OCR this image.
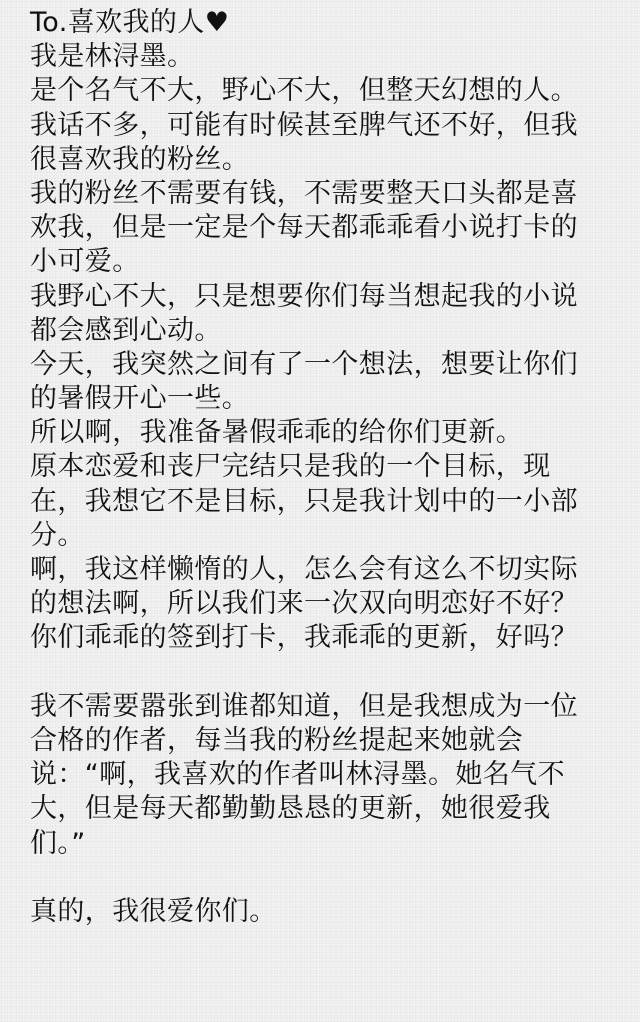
To.喜欢我的人♥
我是林浔墨。
是个名气不大，野心不大，但整天幻想的人。
我话不多，可能有时候甚至脾气还不好，但我
很喜欢我的粉丝。
我的粉丝不需要有钱，不需要整天口头都是喜
欢我，但是一定是个每天都乖乖看小说打卡的
小可爱。
我野心不大，只是想要你们每当想起我的小说
都会感到心动。
今天，我突然之间有了一个想法，想要让你们
的暑假开心一些。
所以啊，我准备暑假乖乖的给你们更新。
原本恋爱和丧尸完结只是我的一个目标，现
在，我想它不是目标，只是我计划中的一小部
分。
啊，我这样懒惰的人，怎么会有这么不切实际
的想法啊，所以我们来一次双向明恋好不好？
你们乖乖的签到打卡，我乖乖的更新，好吗？
我不需要嚣张到谁都知道，但是我想成为一位
合格的作者，每当我的粉丝提起来她就会
说：“啊，我喜欢的作者叫林浔墨。她名气不
大，但是每天都勤勤恳恳的更新，她很爱我
们。”
真的，我很爱你们。
